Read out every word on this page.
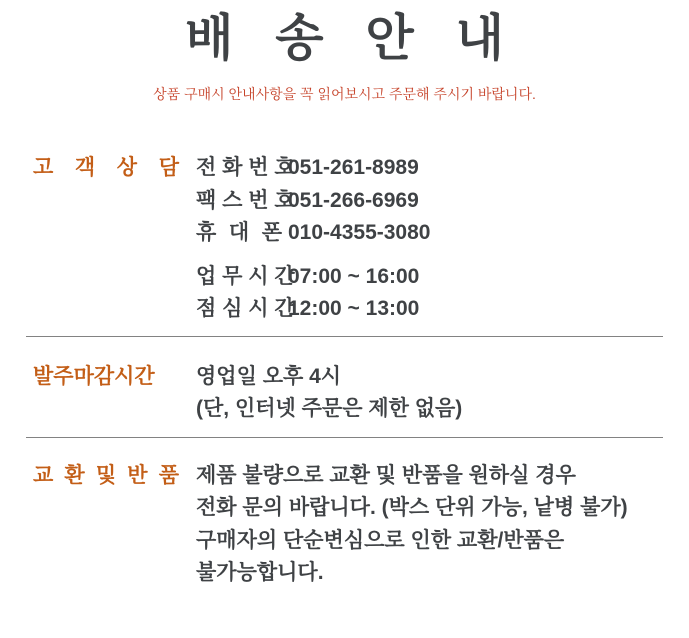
배 송 안 내
상품 구매시 안내사항을 꼭 읽어보시고 주문해 주시기 바랍니다.
고 객 상 담 전 화 번 호051-261-8989
팩 스 번 호051-266-6969
휴 대 폰 010-4355-3080
업 무 시 간07:00 ~ 16:00
점 심 시 간12:00 ~ 13:00
발주마감시간	영업일 오후 4시
(단, 인터넷 주문은 제한 없음)
교 환 및 반 품 제품 불량으로 교환 및 반품을 원하실 경우
전화 문의 바랍니다. (박스 단위 가능, 낱병 불가)
구매자의 단순변심으로 인한 교환/반품은
불가능합니다.
